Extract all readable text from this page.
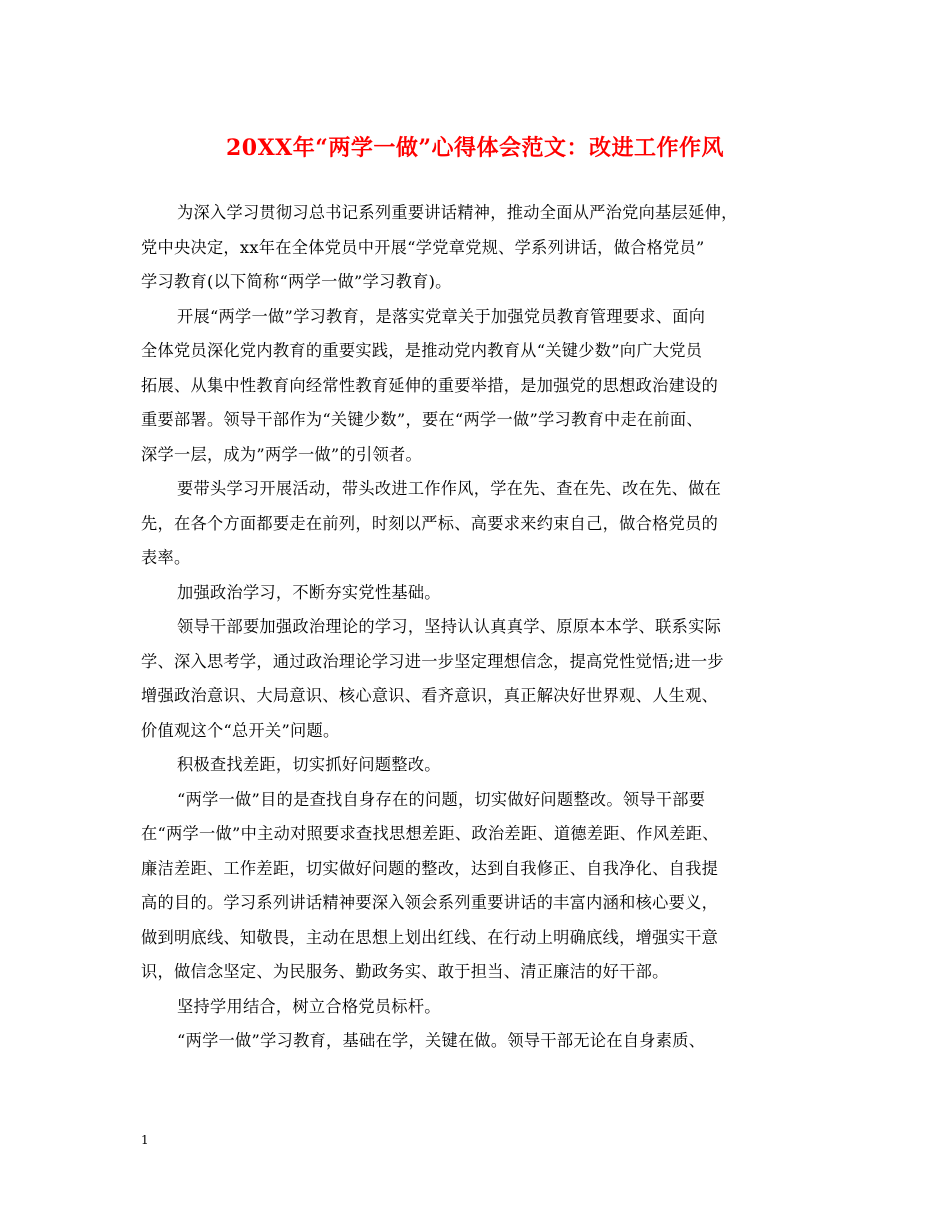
20XX年“两学一做”心得体会范文：改进工作作风
为深入学习贯彻习总书记系列重要讲话精神，推动全面从严治党向基层延伸，
党中央决定，xx年在全体党员中开展“学党章党规、学系列讲话，做合格党员”
学习教育(以下简称“两学一做”学习教育)。
开展“两学一做”学习教育，是落实党章关于加强党员教育管理要求、面向
全体党员深化党内教育的重要实践，是推动党内教育从“关键少数”向广大党员
拓展、从集中性教育向经常性教育延伸的重要举措，是加强党的思想政治建设的
重要部署。领导干部作为“关键少数”，要在“两学一做”学习教育中走在前面、
深学一层，成为”两学一做”的引领者。
要带头学习开展活动，带头改进工作作风，学在先、查在先、改在先、做在
先，在各个方面都要走在前列，时刻以严标、高要求来约束自己，做合格党员的
表率。
加强政治学习，不断夯实党性基础。
领导干部要加强政治理论的学习，坚持认认真真学、原原本本学、联系实际
学、深入思考学，通过政治理论学习进一步坚定理想信念，提高党性觉悟;进一步
增强政治意识、大局意识、核心意识、看齐意识，真正解决好世界观、人生观、
价值观这个“总开关”问题。
积极查找差距，切实抓好问题整改。
“两学一做”目的是查找自身存在的问题，切实做好问题整改。领导干部要
在“两学一做”中主动对照要求查找思想差距、政治差距、道德差距、作风差距、
廉洁差距、工作差距，切实做好问题的整改，达到自我修正、自我净化、自我提
高的目的。学习系列讲话精神要深入领会系列重要讲话的丰富内涵和核心要义，
做到明底线、知敬畏，主动在思想上划出红线、在行动上明确底线，增强实干意
识，做信念坚定、为民服务、勤政务实、敢于担当、清正廉洁的好干部。
坚持学用结合，树立合格党员标杆。
“两学一做”学习教育，基础在学，关键在做。领导干部无论在自身素质、
1
